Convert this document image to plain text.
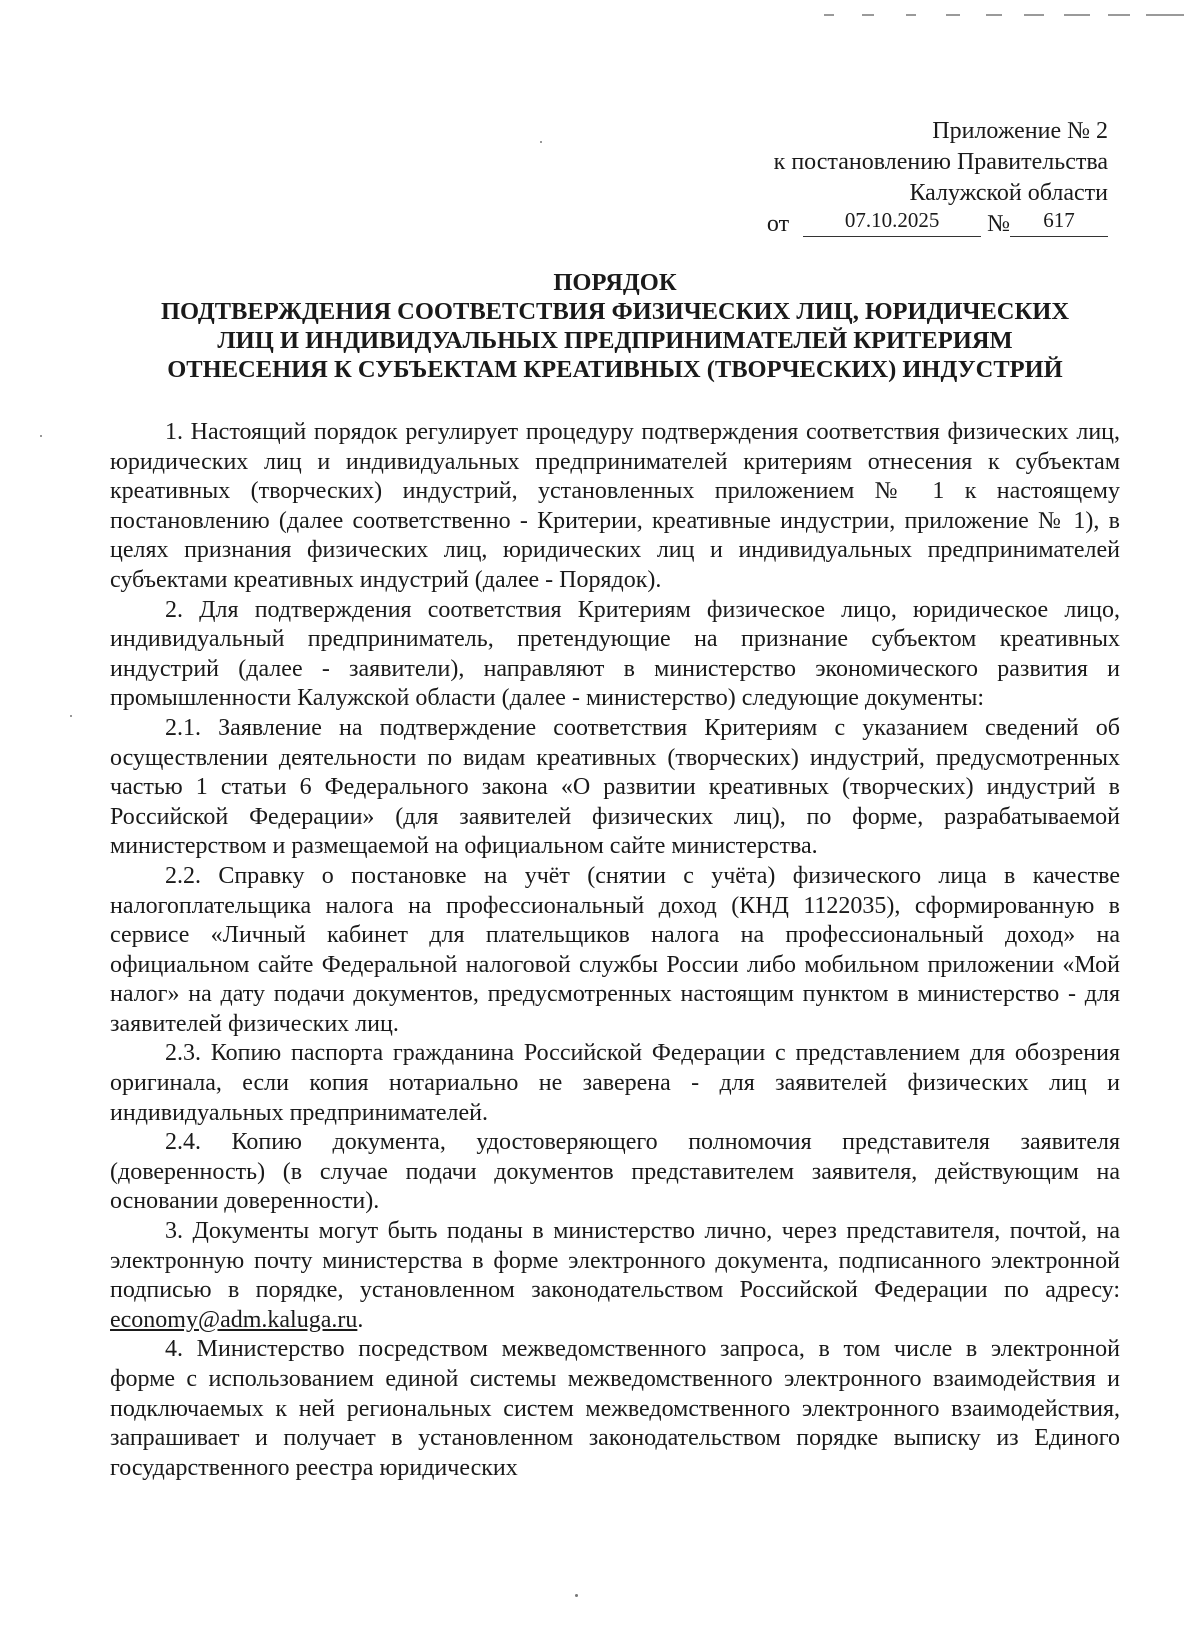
Приложение № 2
к постановлению Правительства
Калужской области
от	07.10.2025 № 617
ПОРЯДОК
ПОДТВЕРЖДЕНИЯ СООТВЕТСТВИЯ ФИЗИЧЕСКИХ ЛИЦ, ЮРИДИЧЕСКИХ
ЛИЦ И ИНДИВИДУАЛЬНЫХ ПРЕДПРИНИМАТЕЛЕЙ КРИТЕРИЯМ
ОТНЕСЕНИЯ К СУБЪЕКТАМ КРЕАТИВНЫХ (ТВОРЧЕСКИХ) ИНДУСТРИЙ

1. Настоящий порядок регулирует процедуру подтверждения соответствия физических лиц, юридических лиц и индивидуальных предпринимателей критериям отнесения к субъектам креативных (творческих) индустрий, установленных приложением № 1 к настоящему постановлению (далее соответственно - Критерии, креативные индустрии, приложение № 1), в целях признания физических лиц, юридических лиц и индивидуальных предпринимателей субъектами креативных индустрий (далее - Порядок).

2. Для подтверждения соответствия Критериям физическое лицо, юридическое лицо, индивидуальный предприниматель, претендующие на признание субъектом креативных индустрий (далее - заявители), направляют в министерство экономического развития и промышленности Калужской области (далее - министерство) следующие документы:

2.1. Заявление на подтверждение соответствия Критериям с указанием сведений об осуществлении деятельности по видам креативных (творческих) индустрий, предусмотренных частью 1 статьи 6 Федерального закона «О развитии креативных (творческих) индустрий в Российской Федерации» (для заявителей физических лиц), по форме, разрабатываемой министерством и размещаемой на официальном сайте министерства.

2.2. Справку о постановке на учёт (снятии с учёта) физического лица в качестве налогоплательщика налога на профессиональный доход (КНД 1122035), сформированную в сервисе «Личный кабинет для плательщиков налога на профессиональный доход» на официальном сайте Федеральной налоговой службы России либо мобильном приложении «Мой налог» на дату подачи документов, предусмотренных настоящим пунктом в министерство - для заявителей физических лиц.

2.3. Копию паспорта гражданина Российской Федерации с представлением для обозрения оригинала, если копия нотариально не заверена - для заявителей физических лиц и индивидуальных предпринимателей.

2.4. Копию документа, удостоверяющего полномочия представителя заявителя (доверенность) (в случае подачи документов представителем заявителя, действующим на основании доверенности).

3. Документы могут быть поданы в министерство лично, через представителя, почтой, на электронную почту министерства в форме электронного документа, подписанного электронной подписью в порядке, установленном законодательством Российской Федерации по адресу: economy@adm.kaluga.ru.

4. Министерство посредством межведомственного запроса, в том числе в электронной форме с использованием единой системы межведомственного электронного взаимодействия и подключаемых к ней региональных систем межведомственного электронного взаимодействия, запрашивает и получает в установленном законодательством порядке выписку из Единого государственного реестра юридических
